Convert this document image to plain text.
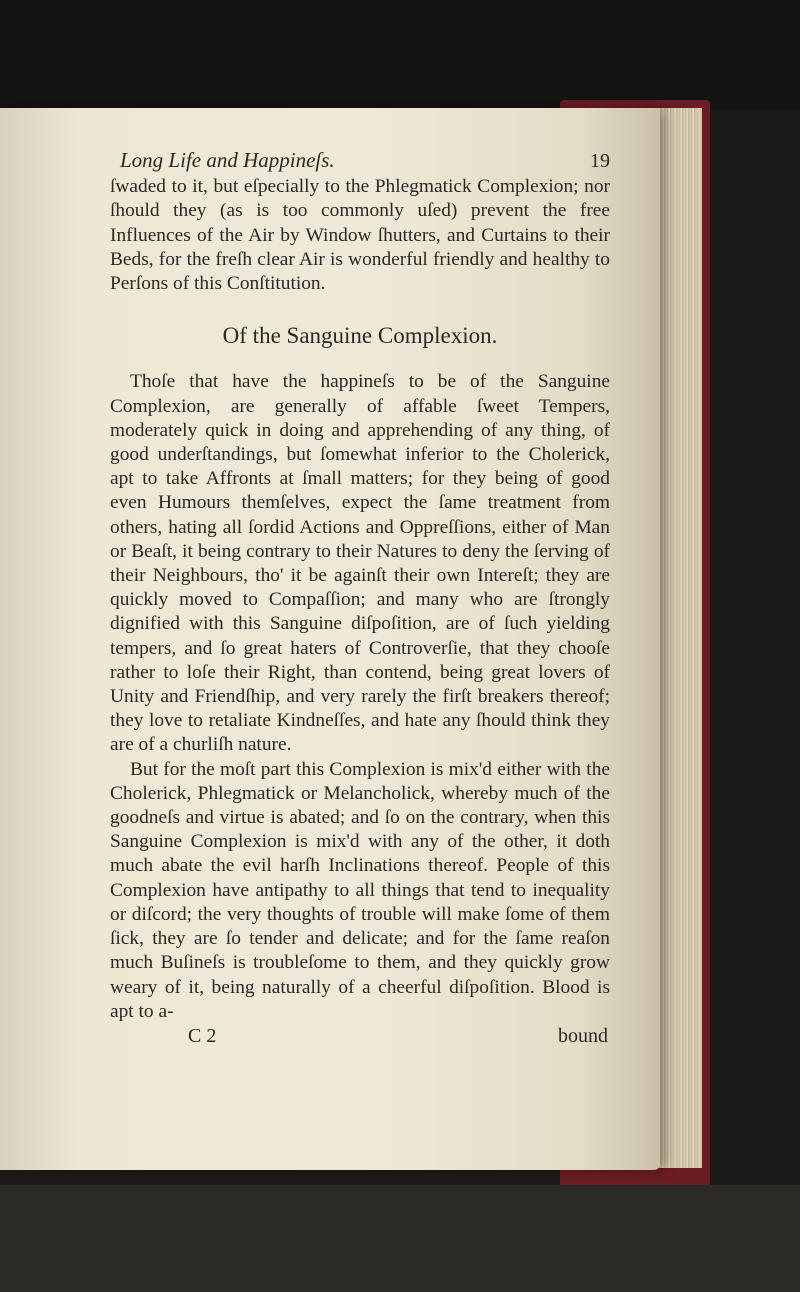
Long Life and Happineſs.	19

ſwaded to it, but eſpecially to the Phlegmatick Complexion; nor ſhould they (as is too commonly uſed) prevent the free Influences of the Air by Window ſhutters, and Curtains to their Beds, for the freſh clear Air is wonderful friendly and healthy to Perſons of this Conſtitution.

Of the Sanguine Complexion.

Thoſe that have the happineſs to be of the Sanguine Complexion, are generally of affable ſweet Tempers, moderately quick in doing and apprehending of any thing, of good underſtandings, but ſomewhat inferior to the Cholerick, apt to take Affronts at ſmall matters; for they being of good even Humours themſelves, expect the ſame treatment from others, hating all ſordid Actions and Oppreſſions, either of Man or Beaſt, it being contrary to their Natures to deny the ſerving of their Neighbours, tho' it be againſt their own Intereſt; they are quickly moved to Compaſſion; and many who are ſtrongly dignified with this Sanguine diſpoſition, are of ſuch yielding tempers, and ſo great haters of Controverſie, that they chooſe rather to loſe their Right, than contend, being great lovers of Unity and Friendſhip, and very rarely the firſt breakers thereof; they love to retaliate Kindneſſes, and hate any ſhould think they are of a churliſh nature.

But for the moſt part this Complexion is mix'd either with the Cholerick, Phlegmatick or Melancholick, whereby much of the goodneſs and virtue is abated; and ſo on the contrary, when this Sanguine Complexion is mix'd with any of the other, it doth much abate the evil harſh Inclinations thereof. People of this Complexion have antipathy to all things that tend to inequality or diſcord; the very thoughts of trouble will make ſome of them ſick, they are ſo tender and delicate; and for the ſame reaſon much Buſineſs is troubleſome to them, and they quickly grow weary of it, being naturally of a cheerful diſpoſition. Blood is apt to a-

C 2	bound
